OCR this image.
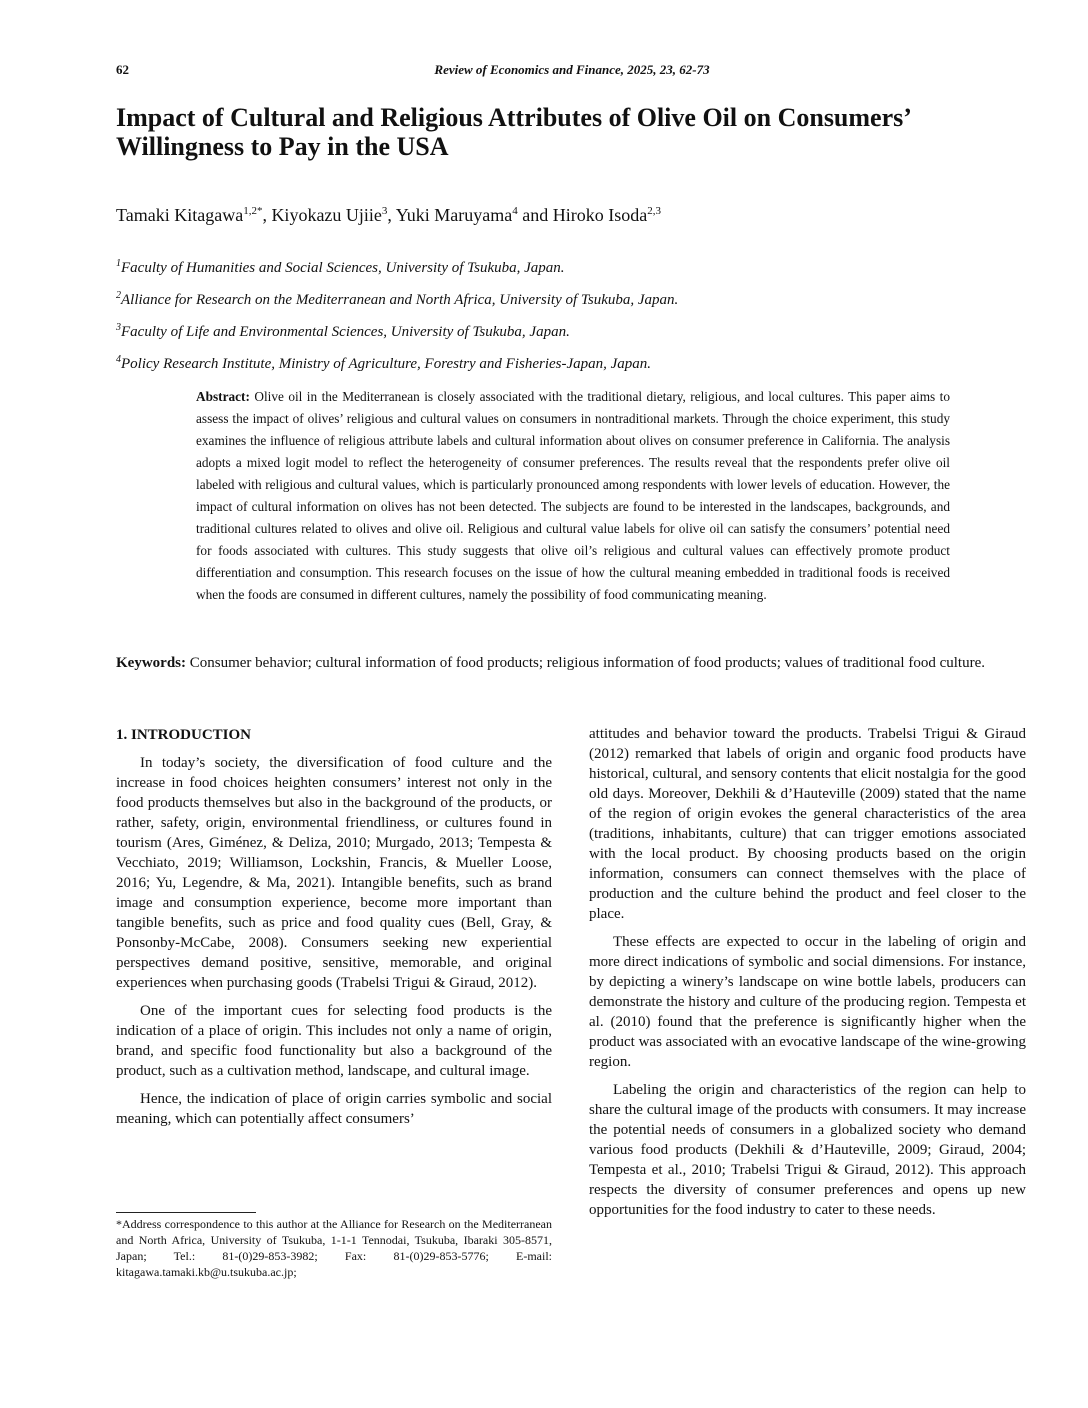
62	Review of Economics and Finance, 2025, 23, 62-73
Impact of Cultural and Religious Attributes of Olive Oil on Consumers’ Willingness to Pay in the USA
Tamaki Kitagawa$^{1,2*}$, Kiyokazu Ujiie$^3$, Yuki Maruyama$^4$ and Hiroko Isoda$^{2,3}$
$^1$Faculty of Humanities and Social Sciences, University of Tsukuba, Japan.
$^2$Alliance for Research on the Mediterranean and North Africa, University of Tsukuba, Japan.
$^3$Faculty of Life and Environmental Sciences, University of Tsukuba, Japan.
$^4$Policy Research Institute, Ministry of Agriculture, Forestry and Fisheries-Japan, Japan.
Abstract: Olive oil in the Mediterranean is closely associated with the traditional dietary, religious, and local cultures. This paper aims to assess the impact of olives’ religious and cultural values on consumers in nontraditional markets. Through the choice experiment, this study examines the influence of religious attribute labels and cultural information about olives on consumer preference in California. The analysis adopts a mixed logit model to reflect the heterogeneity of consumer preferences. The results reveal that the respondents prefer olive oil labeled with religious and cultural values, which is particularly pronounced among respondents with lower levels of education. However, the impact of cultural information on olives has not been detected. The subjects are found to be interested in the landscapes, backgrounds, and traditional cultures related to olives and olive oil. Religious and cultural value labels for olive oil can satisfy the consumers’ potential need for foods associated with cultures. This study suggests that olive oil’s religious and cultural values can effectively promote product differentiation and consumption. This research focuses on the issue of how the cultural meaning embedded in traditional foods is received when the foods are consumed in different cultures, namely the possibility of food communicating meaning.
Keywords: Consumer behavior; cultural information of food products; religious information of food products; values of traditional food culture.
1. INTRODUCTION

In today’s society, the diversification of food culture and the increase in food choices heighten consumers’ interest not only in the food products themselves but also in the background of the products, or rather, safety, origin, environmental friendliness, or cultures found in tourism (Ares, Giménez, & Deliza, 2010; Murgado, 2013; Tempesta & Vecchiato, 2019; Williamson, Lockshin, Francis, & Mueller Loose, 2016; Yu, Legendre, & Ma, 2021). Intangible benefits, such as brand image and consumption experience, become more important than tangible benefits, such as price and food quality cues (Bell, Gray, & Ponsonby-McCabe, 2008). Consumers seeking new experiential perspectives demand positive, sensitive, memorable, and original experiences when purchasing goods (Trabelsi Trigui & Giraud, 2012).

One of the important cues for selecting food products is the indication of a place of origin. This includes not only a name of origin, brand, and specific food functionality but also a background of the product, such as a cultivation method, landscape, and cultural image.

Hence, the indication of place of origin carries symbolic and social meaning, which can potentially affect consumers’

attitudes and behavior toward the products. Trabelsi Trigui & Giraud (2012) remarked that labels of origin and organic food products have historical, cultural, and sensory contents that elicit nostalgia for the good old days. Moreover, Dekhili & d’Hauteville (2009) stated that the name of the region of origin evokes the general characteristics of the area (traditions, inhabitants, culture) that can trigger emotions associated with the local product. By choosing products based on the origin information, consumers can connect themselves with the place of production and the culture behind the product and feel closer to the place.

These effects are expected to occur in the labeling of origin and more direct indications of symbolic and social dimensions. For instance, by depicting a winery’s landscape on wine bottle labels, producers can demonstrate the history and culture of the producing region. Tempesta et al. (2010) found that the preference is significantly higher when the product was associated with an evocative landscape of the wine-growing region.

Labeling the origin and characteristics of the region can help to share the cultural image of the products with consumers. It may increase the potential needs of consumers in a globalized society who demand various food products (Dekhili & d’Hauteville, 2009; Giraud, 2004; Tempesta et al., 2010; Trabelsi Trigui & Giraud, 2012). This approach respects the diversity of consumer preferences and opens up new opportunities for the food industry to cater to these needs.

*Address correspondence to this author at the Alliance for Research on the Mediterranean and North Africa, University of Tsukuba, 1-1-1 Tennodai, Tsukuba, Ibaraki 305-8571, Japan; Tel.: 81-(0)29-853-3982; Fax: 81-(0)29-853-5776; E-mail: kitagawa.tamaki.kb@u.tsukuba.ac.jp;
